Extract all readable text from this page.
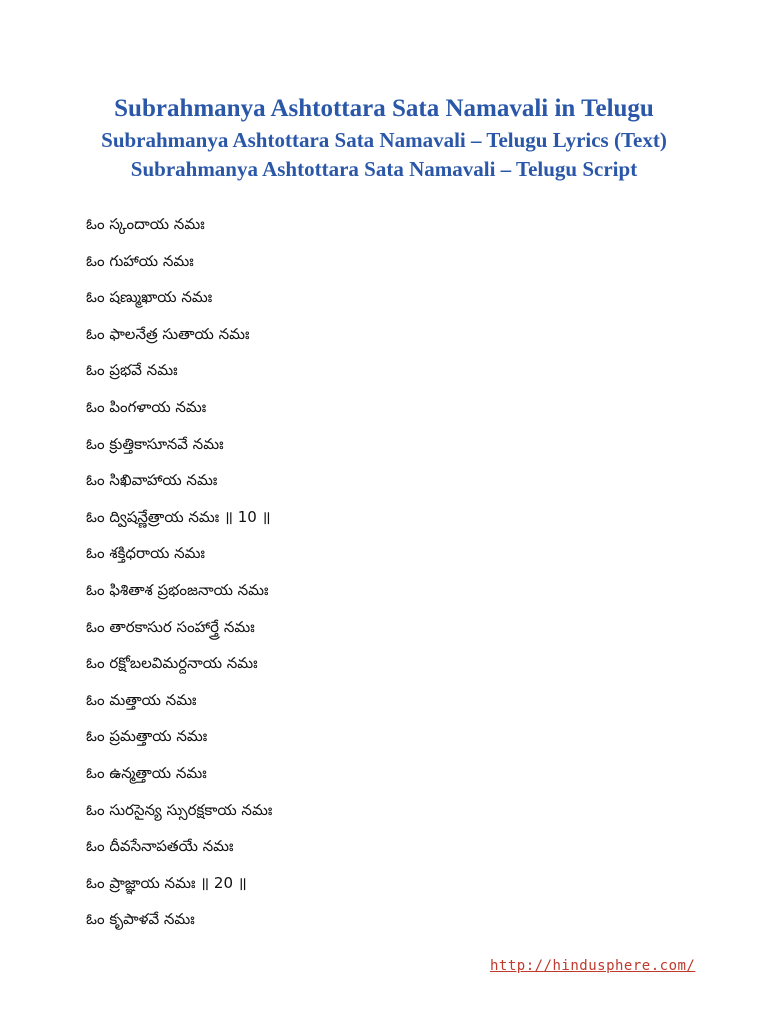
Subrahmanya Ashtottara Sata Namavali in Telugu
Subrahmanya Ashtottara Sata Namavali – Telugu Lyrics (Text)
Subrahmanya Ashtottara Sata Namavali – Telugu Script
ఓం స్కందాయ నమః
ఓం గుహాయ నమః
ఓం షణ్ముఖాయ నమః
ఓం ఫాలనేత్ర సుతాయ నమః
ఓం ప్రభవే నమః
ఓం పింగళాయ నమః
ఓం క్రుత్తికాసూనవే నమః
ఓం సిఖివాహాయ నమః
ఓం ద్విషన్ణేత్రాయ నమః ॥ 10 ॥
ఓం శక్తిధరాయ నమః
ఓం ఫిశితాశ ప్రభంజనాయ నమః
ఓం తారకాసుర సంహార్త్రే నమః
ఓం రక్షోబలవిమర్దనాయ నమః
ఓం మత్తాయ నమః
ఓం ప్రమత్తాయ నమః
ఓం ఉన్మత్తాయ నమః
ఓం సురసైన్య స్సురక్షకాయ నమః
ఓం దీవసేనాపతయే నమః
ఓం ప్రాజ్ఞాయ నమః ॥ 20 ॥
ఓం కృపాళవే నమః
http://hindusphere.com/
